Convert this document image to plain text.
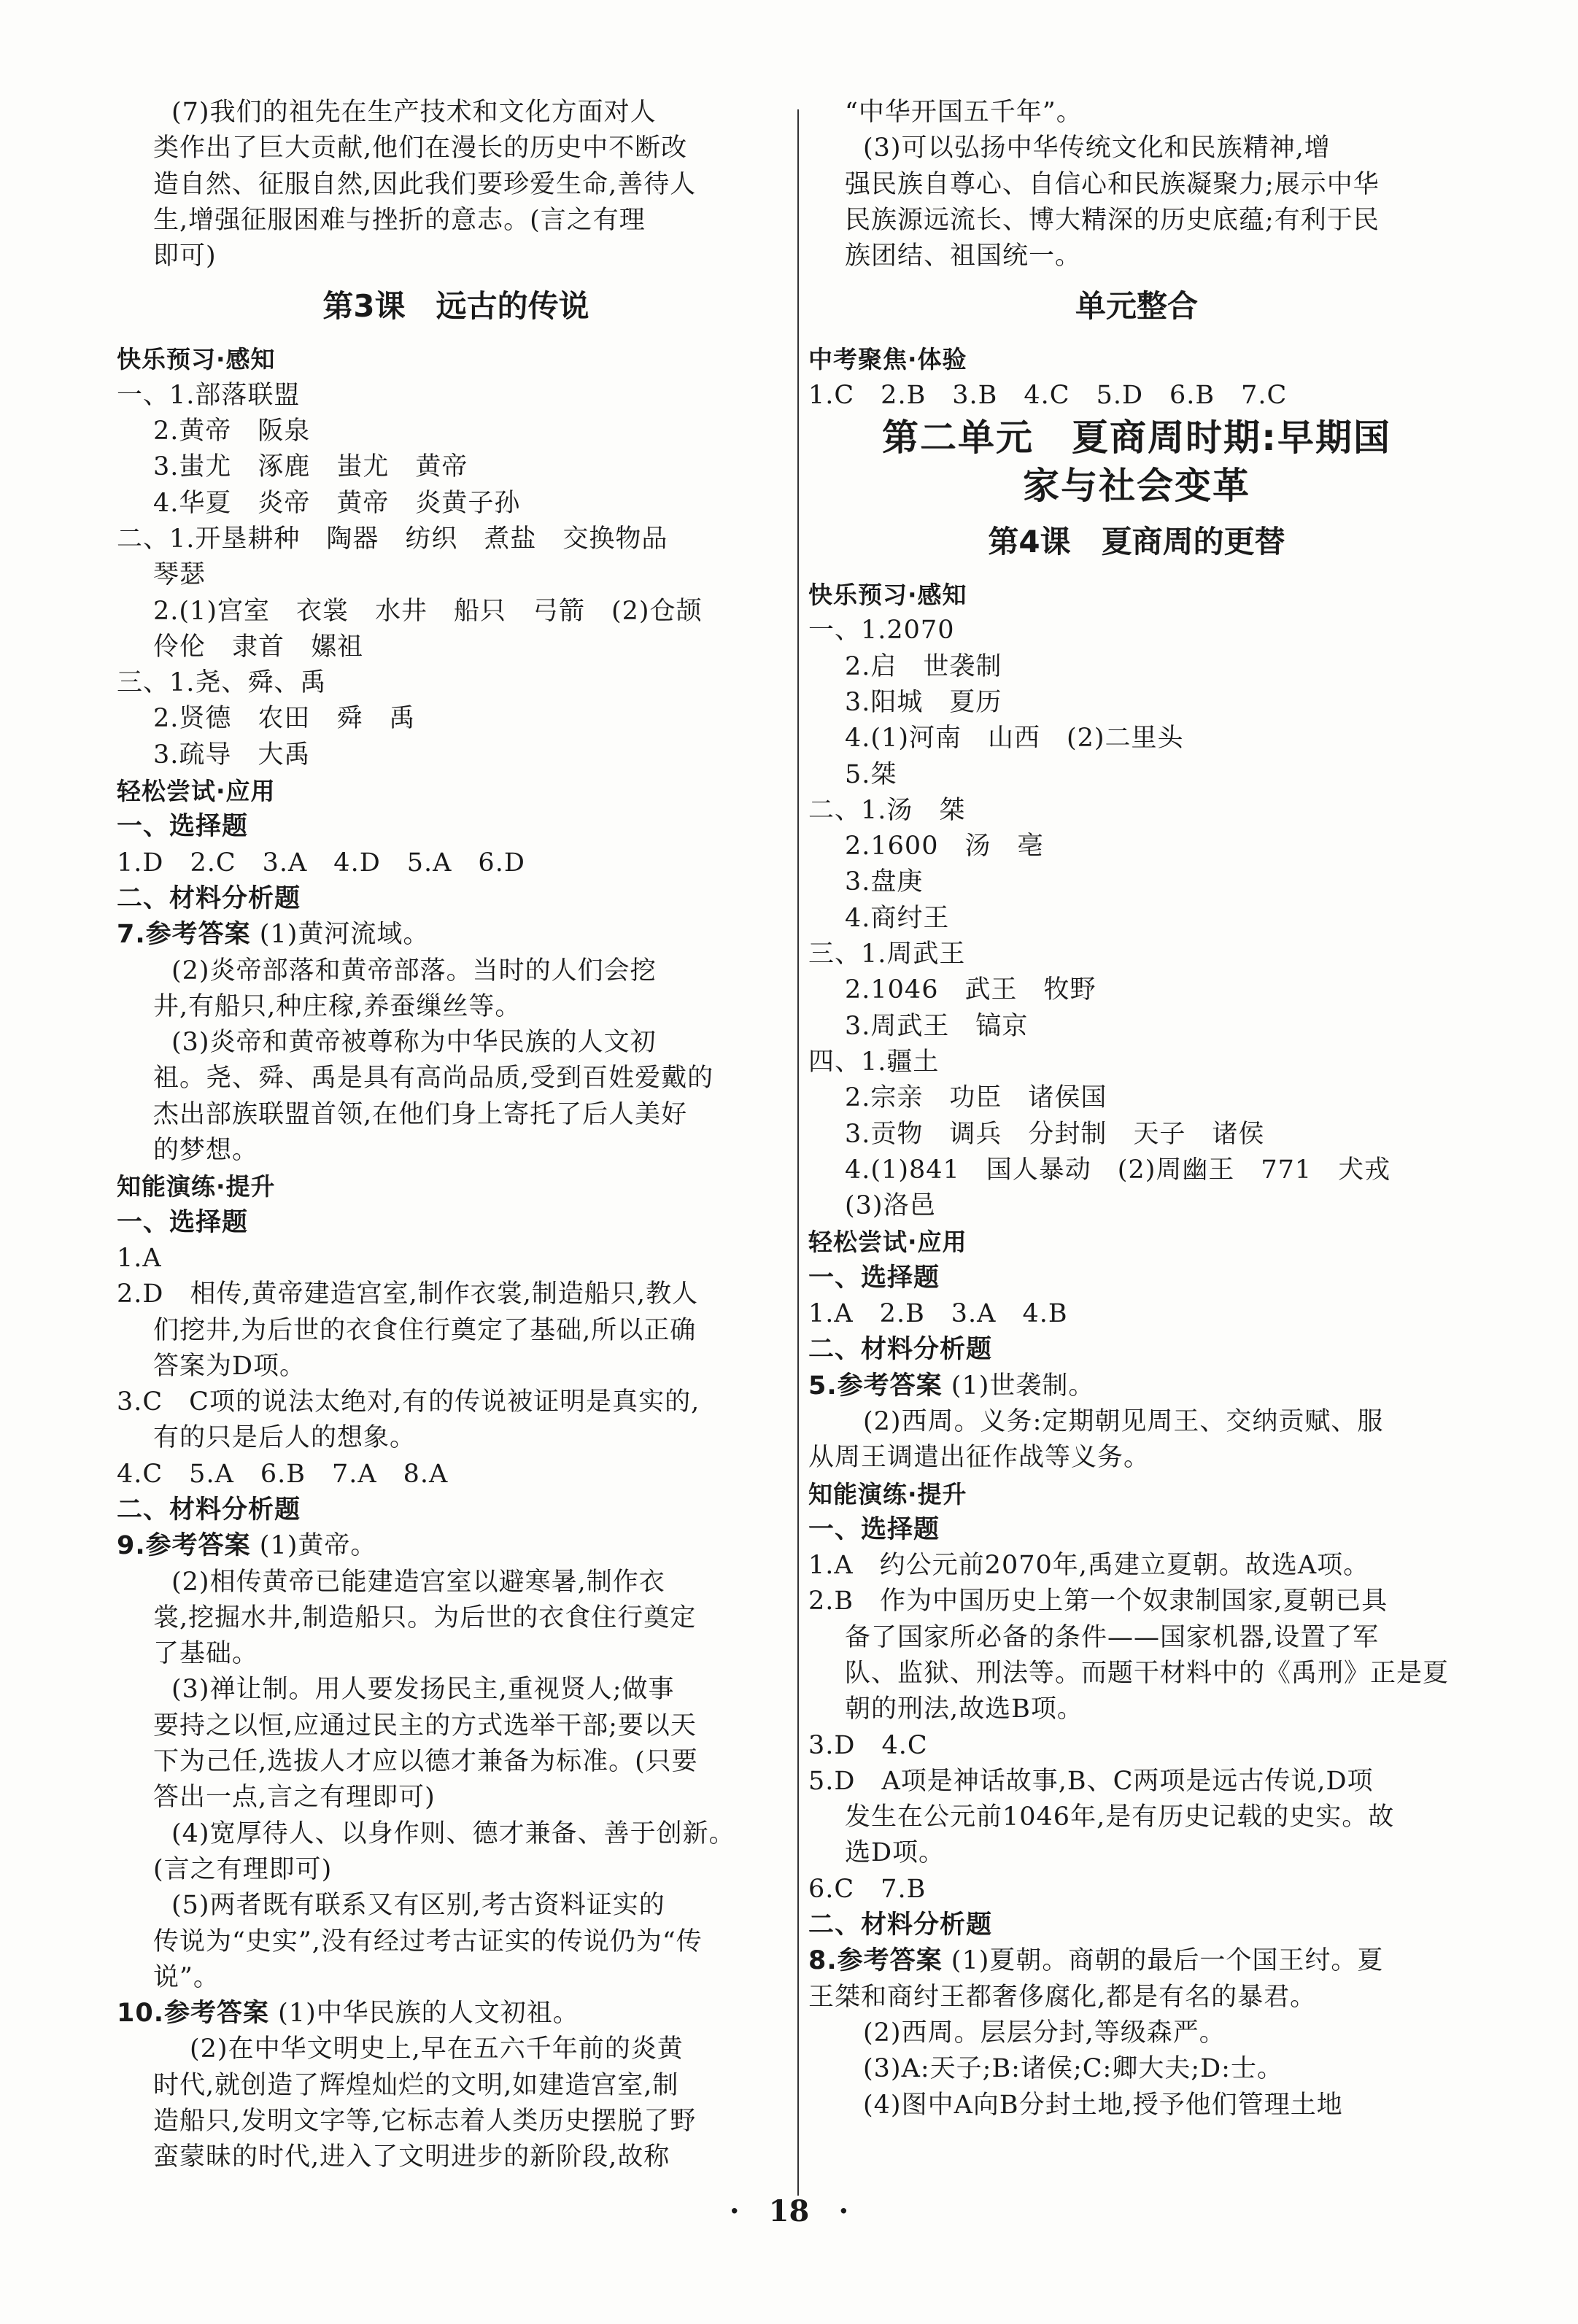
(7)我们的祖先在生产技术和文化方面对人
类作出了巨大贡献,他们在漫长的历史中不断改
造自然、征服自然,因此我们要珍爱生命,善待人
生,增强征服困难与挫折的意志。(言之有理
即可)
第3课　远古的传说
快乐预习·感知
一、1.部落联盟
2.黄帝　阪泉
3.蚩尤　涿鹿　蚩尤　黄帝
4.华夏　炎帝　黄帝　炎黄子孙
二、1.开垦耕种　陶器　纺织　煮盐　交换物品
琴瑟
2.(1)宫室　衣裳　水井　船只　弓箭　(2)仓颉
伶伦　隶首　嫘祖
三、1.尧、舜、禹
2.贤德　农田　舜　禹
3.疏导　大禹
轻松尝试·应用
一、选择题
1.D　2.C　3.A　4.D　5.A　6.D
二、材料分析题
7.参考答案 (1)黄河流域。
(2)炎帝部落和黄帝部落。当时的人们会挖
井,有船只,种庄稼,养蚕缫丝等。
(3)炎帝和黄帝被尊称为中华民族的人文初
祖。尧、舜、禹是具有高尚品质,受到百姓爱戴的
杰出部族联盟首领,在他们身上寄托了后人美好
的梦想。
知能演练·提升
一、选择题
1.A
2.D　相传,黄帝建造宫室,制作衣裳,制造船只,教人
们挖井,为后世的衣食住行奠定了基础,所以正确
答案为D项。
3.C　C项的说法太绝对,有的传说被证明是真实的,
有的只是后人的想象。
4.C　5.A　6.B　7.A　8.A
二、材料分析题
9.参考答案 (1)黄帝。
(2)相传黄帝已能建造宫室以避寒暑,制作衣
裳,挖掘水井,制造船只。为后世的衣食住行奠定
了基础。
(3)禅让制。用人要发扬民主,重视贤人;做事
要持之以恒,应通过民主的方式选举干部;要以天
下为己任,选拔人才应以德才兼备为标准。(只要
答出一点,言之有理即可)
(4)宽厚待人、以身作则、德才兼备、善于创新。
(言之有理即可)
(5)两者既有联系又有区别,考古资料证实的
传说为“史实”,没有经过考古证实的传说仍为“传
说”。
10.参考答案 (1)中华民族的人文初祖。
(2)在中华文明史上,早在五六千年前的炎黄
时代,就创造了辉煌灿烂的文明,如建造宫室,制
造船只,发明文字等,它标志着人类历史摆脱了野
蛮蒙昧的时代,进入了文明进步的新阶段,故称
“中华开国五千年”。
(3)可以弘扬中华传统文化和民族精神,增
强民族自尊心、自信心和民族凝聚力;展示中华
民族源远流长、博大精深的历史底蕴;有利于民
族团结、祖国统一。
单元整合
中考聚焦·体验
1.C　2.B　3.B　4.C　5.D　6.B　7.C
第二单元　夏商周时期:早期国
家与社会变革
第4课　夏商周的更替
快乐预习·感知
一、1.2070
2.启　世袭制
3.阳城　夏历
4.(1)河南　山西　(2)二里头
5.桀
二、1.汤　桀
2.1600　汤　亳
3.盘庚
4.商纣王
三、1.周武王
2.1046　武王　牧野
3.周武王　镐京
四、1.疆土
2.宗亲　功臣　诸侯国
3.贡物　调兵　分封制　天子　诸侯
4.(1)841　国人暴动　(2)周幽王　771　犬戎
(3)洛邑
轻松尝试·应用
一、选择题
1.A　2.B　3.A　4.B
二、材料分析题
5.参考答案 (1)世袭制。
(2)西周。义务:定期朝见周王、交纳贡赋、服
从周王调遣出征作战等义务。
知能演练·提升
一、选择题
1.A　约公元前2070年,禹建立夏朝。故选A项。
2.B　作为中国历史上第一个奴隶制国家,夏朝已具
备了国家所必备的条件——国家机器,设置了军
队、监狱、刑法等。而题干材料中的《禹刑》正是夏
朝的刑法,故选B项。
3.D　4.C
5.D　A项是神话故事,B、C两项是远古传说,D项
发生在公元前1046年,是有历史记载的史实。故
选D项。
6.C　7.B
二、材料分析题
8.参考答案 (1)夏朝。商朝的最后一个国王纣。夏
王桀和商纣王都奢侈腐化,都是有名的暴君。
(2)西周。层层分封,等级森严。
(3)A:天子;B:诸侯;C:卿大夫;D:士。
(4)图中A向B分封土地,授予他们管理土地
·　18　·
